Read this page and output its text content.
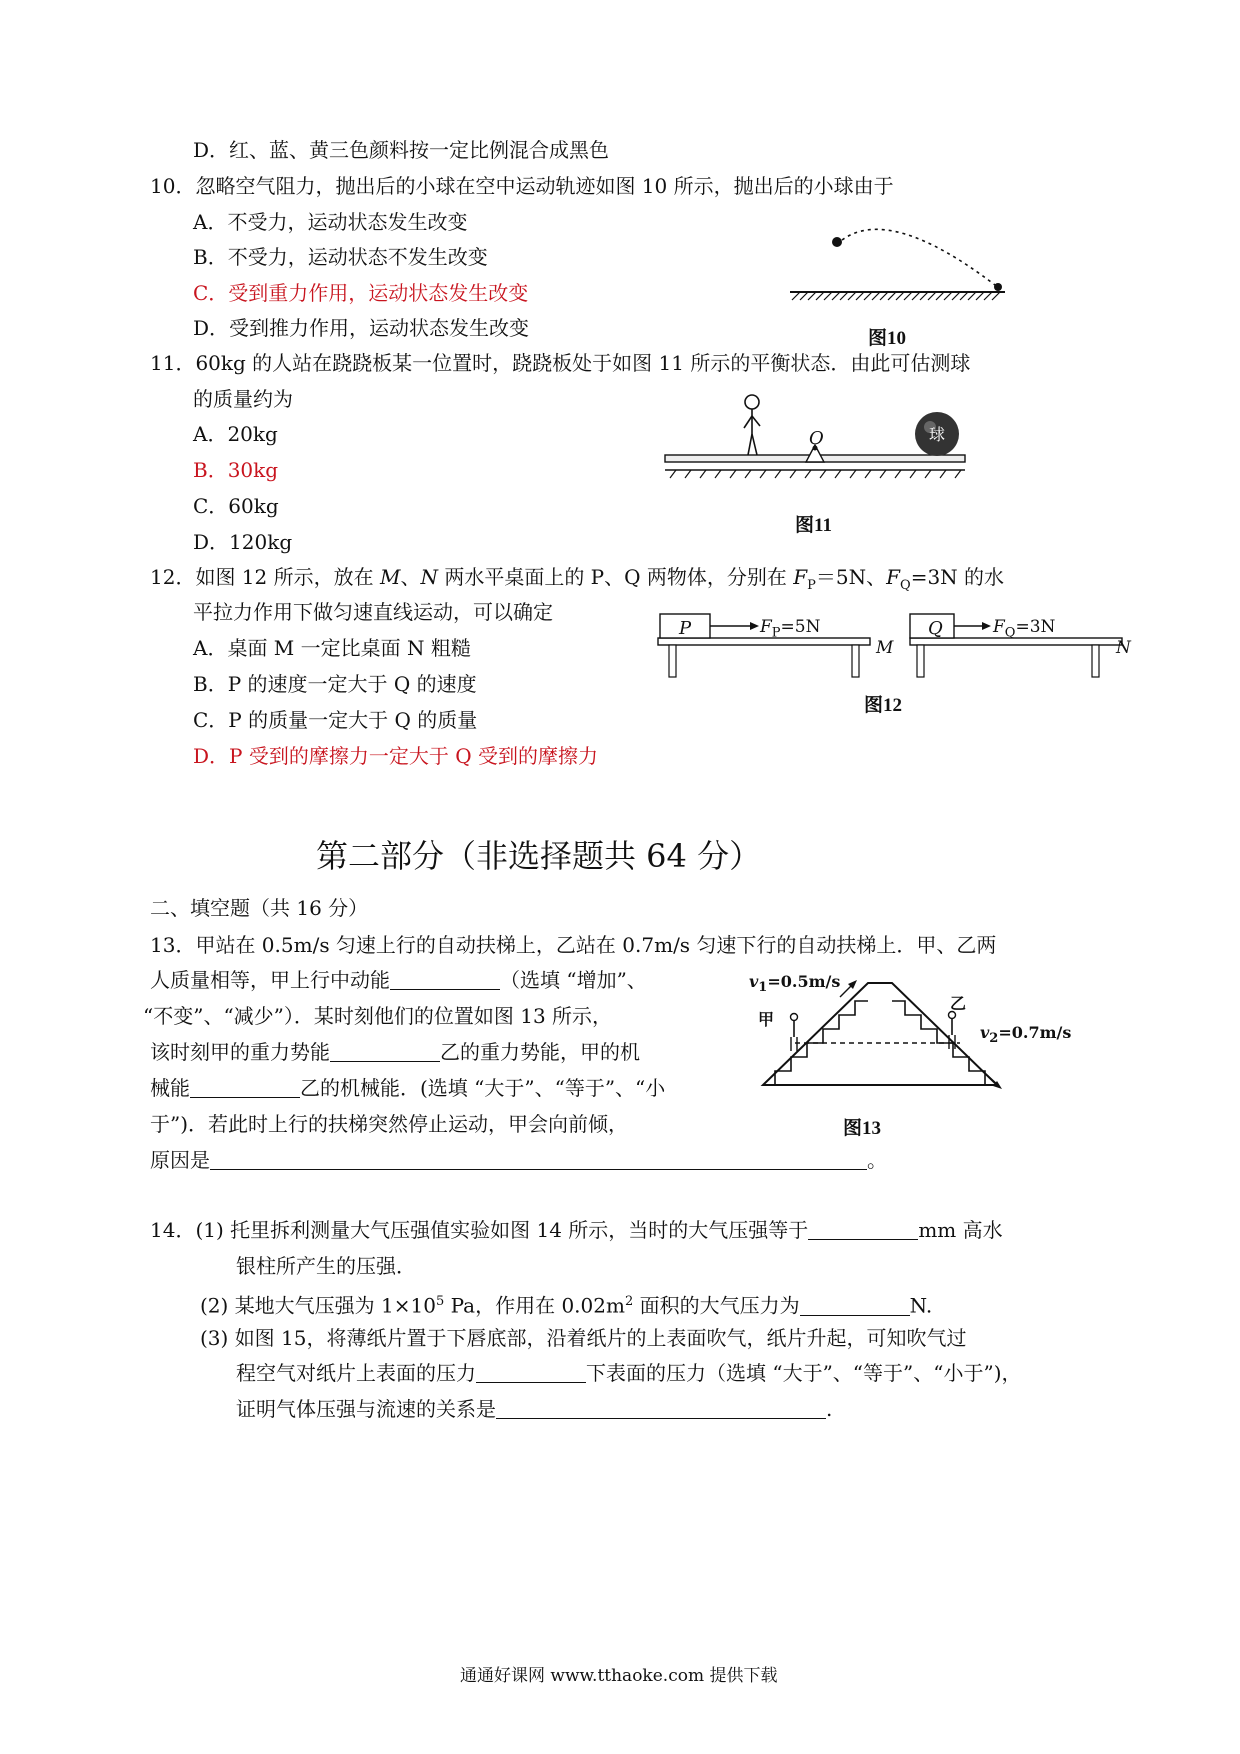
D．红、蓝、黄三色颜料按一定比例混合成黑色
10．忽略空气阻力，抛出后的小球在空中运动轨迹如图 10 所示，抛出后的小球由于
A．不受力，运动状态发生改变
B．不受力，运动状态不发生改变
C．受到重力作用，运动状态发生改变
D．受到推力作用，运动状态发生改变	图10
11．60kg 的人站在跷跷板某一位置时，跷跷板处于如图 11 所示的平衡状态．由此可估测球
的质量约为
A．20kg
B．30kg
C．60kg
D．120kg
O	球
图11
12．如图 12 所示，放在 M、N 两水平桌面上的 P、Q 两物体，分别在 $F_P=5N$、$F_Q=3N$ 的水
平拉力作用下做匀速直线运动，可以确定
A．桌面 M 一定比桌面 N 粗糙
B．P 的速度一定大于 Q 的速度
C．P 的质量一定大于 Q 的质量
D．P 受到的摩擦力一定大于 Q 受到的摩擦力
P	Q
$F_P=5N$	$F_Q=3N$
M	N
图12
第二部分（非选择题共 64 分）
二、填空题（共 16 分）
13．甲站在 0.5m/s 匀速上行的自动扶梯上，乙站在 0.7m/s 匀速下行的自动扶梯上．甲、乙两
人质量相等，甲上行中动能	（选填 “增加”、
“不变”、“减少”）．某时刻他们的位置如图 13 所示，
该时刻甲的重力势能	乙的重力势能，甲的机
械能	乙的机械能．(选填 “大于”、“等于”、“小
于”)．若此时上行的扶梯突然停止运动，甲会向前倾，
原因是	。
$v_1=0.5m/s$
$v_2=0.7m/s$
甲
乙
图13
14．(1) 托里拆利测量大气压强值实验如图 14 所示，当时的大气压强等于	mm 高水
银柱所产生的压强．
(2) 某地大气压强为 $1\times 10^5$ Pa，作用在 $0.02m^2$ 面积的大气压力为	N.
(3) 如图 15，将薄纸片置于下唇底部，沿着纸片的上表面吹气，纸片升起，可知吹气过
程空气对纸片上表面的压力	下表面的压力（选填 “大于”、“等于”、“小于”)，
证明气体压强与流速的关系是	.
通通好课网 www.tthaoke.com 提供下载
